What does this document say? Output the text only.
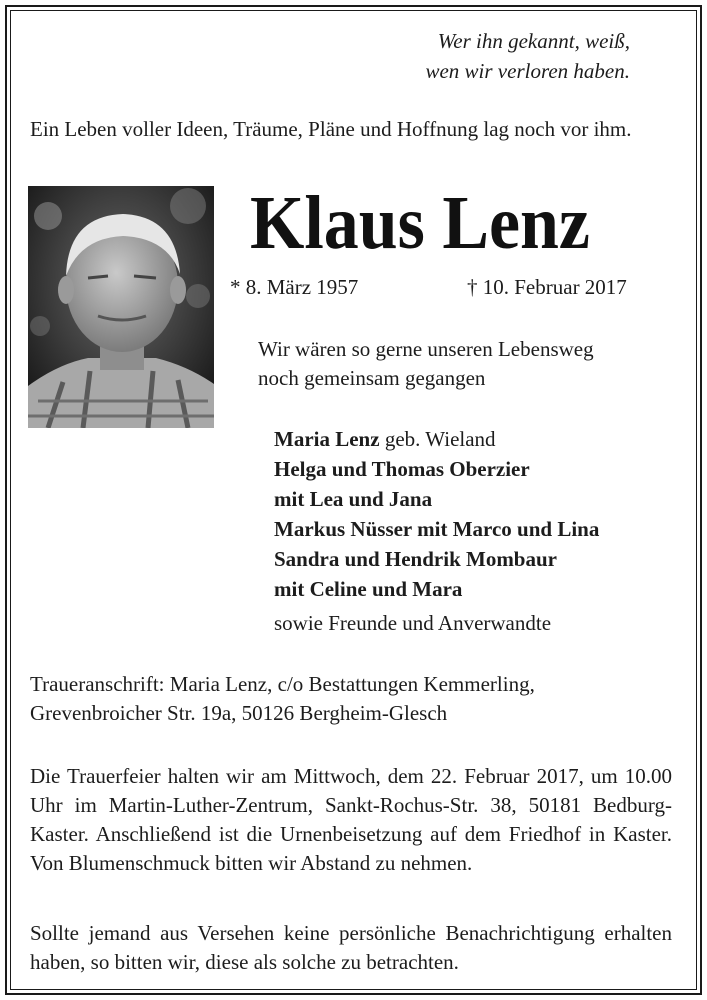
Wer ihn gekannt, weiß,
wen wir verloren haben.
Ein Leben voller Ideen, Träume, Pläne und Hoffnung lag noch vor ihm.
Klaus Lenz
* 8. März 1957	† 10. Februar 2017
Wir wären so gerne unseren Lebensweg
noch gemeinsam gegangen
Maria Lenz geb. Wieland
Helga und Thomas Oberzier
mit Lea und Jana
Markus Nüsser mit Marco und Lina
Sandra und Hendrik Mombaur
mit Celine und Mara
sowie Freunde und Anverwandte
Traueranschrift: Maria Lenz, c/o Bestattungen Kemmerling,
Grevenbroicher Str. 19a, 50126 Bergheim-Glesch
Die Trauerfeier halten wir am Mittwoch, dem 22. Februar 2017, um 10.00 Uhr im Martin-Luther-Zentrum, Sankt-Rochus-Str. 38, 50181 Bedburg-Kaster. Anschließend ist die Urnenbeisetzung auf dem Friedhof in Kaster. Von Blumenschmuck bitten wir Abstand zu nehmen.
Sollte jemand aus Versehen keine persönliche Benachrichtigung erhalten haben, so bitten wir, diese als solche zu betrachten.
